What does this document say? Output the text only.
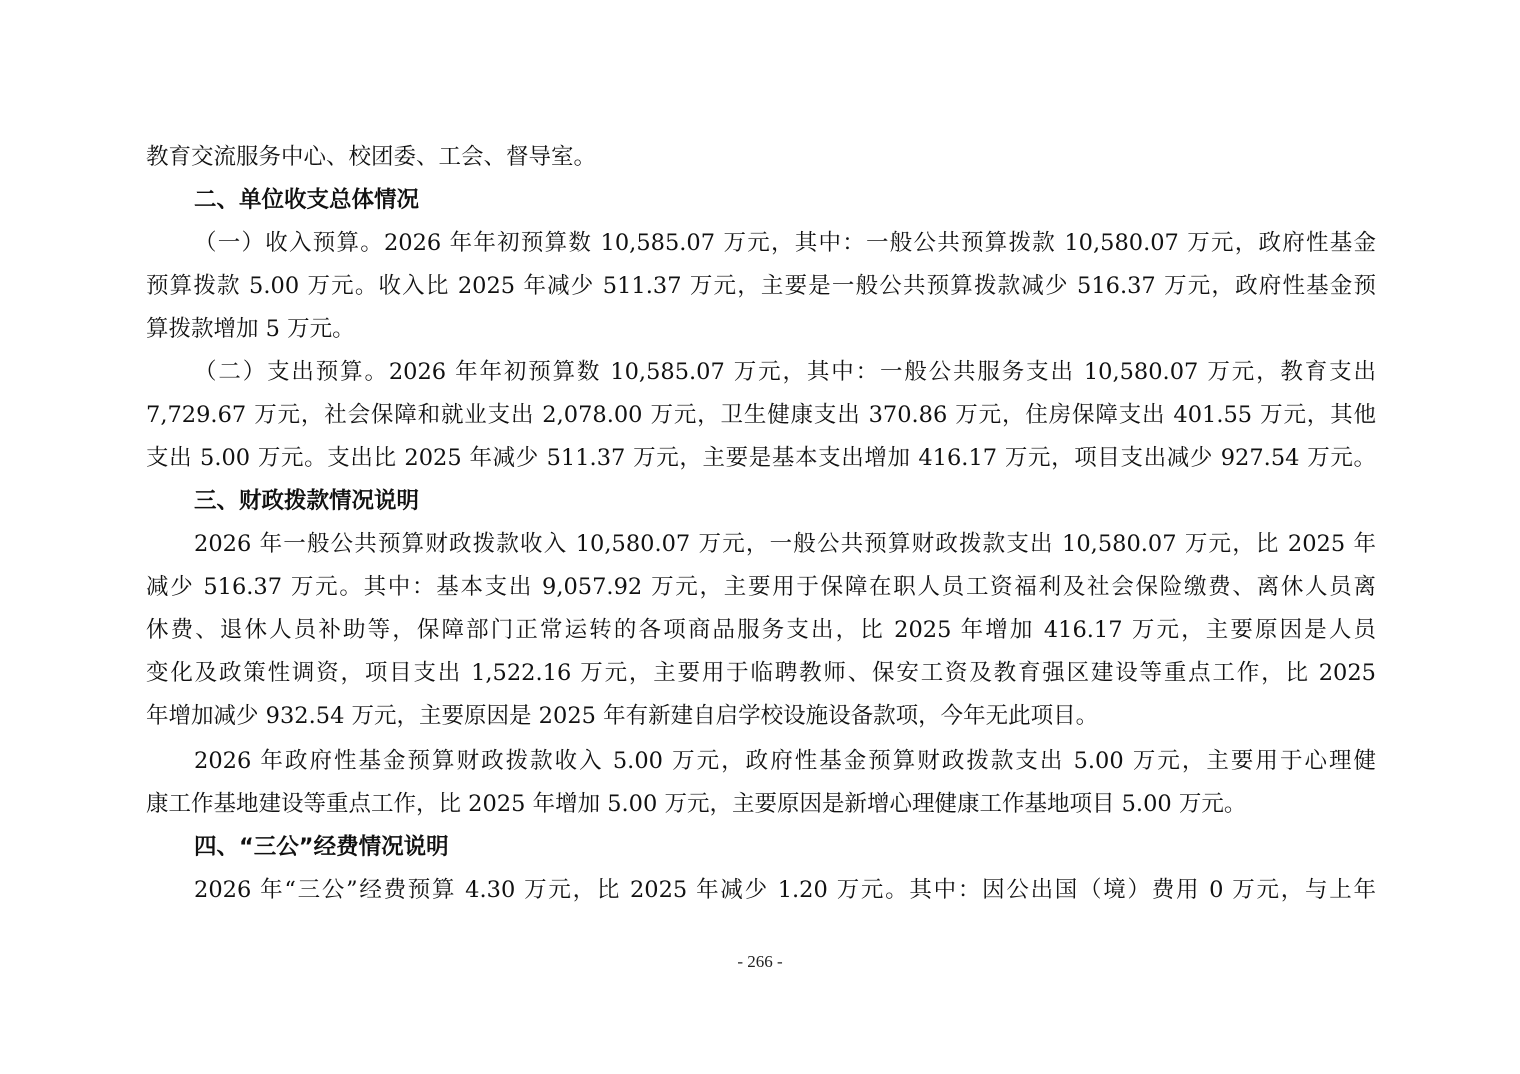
教育交流服务中心、校团委、工会、督导室。
二、单位收支总体情况
（一）收入预算。2026 年年初预算数 10,585.07 万元，其中：一般公共预算拨款 10,580.07 万元，政府性基金
预算拨款 5.00 万元。收入比 2025 年减少 511.37 万元，主要是一般公共预算拨款减少 516.37 万元，政府性基金预
算拨款增加 5 万元。
（二）支出预算。2026 年年初预算数 10,585.07 万元，其中：一般公共服务支出 10,580.07 万元，教育支出
7,729.67 万元，社会保障和就业支出 2,078.00 万元，卫生健康支出 370.86 万元，住房保障支出 401.55 万元，其他
支出 5.00 万元。支出比 2025 年减少 511.37 万元，主要是基本支出增加 416.17 万元，项目支出减少 927.54 万元。
三、财政拨款情况说明
2026 年一般公共预算财政拨款收入 10,580.07 万元，一般公共预算财政拨款支出 10,580.07 万元，比 2025 年
减少 516.37 万元。其中：基本支出 9,057.92 万元，主要用于保障在职人员工资福利及社会保险缴费、离休人员离
休费、退休人员补助等，保障部门正常运转的各项商品服务支出，比 2025 年增加 416.17 万元，主要原因是人员
变化及政策性调资，项目支出 1,522.16 万元，主要用于临聘教师、保安工资及教育强区建设等重点工作，比 2025
年增加减少 932.54 万元，主要原因是 2025 年有新建自启学校设施设备款项，今年无此项目。
2026 年政府性基金预算财政拨款收入 5.00 万元，政府性基金预算财政拨款支出 5.00 万元，主要用于心理健
康工作基地建设等重点工作，比 2025 年增加 5.00 万元，主要原因是新增心理健康工作基地项目 5.00 万元。
四、“三公”经费情况说明
2026 年“三公”经费预算 4.30 万元，比 2025 年减少 1.20 万元。其中：因公出国（境）费用 0 万元，与上年
- 266 -
